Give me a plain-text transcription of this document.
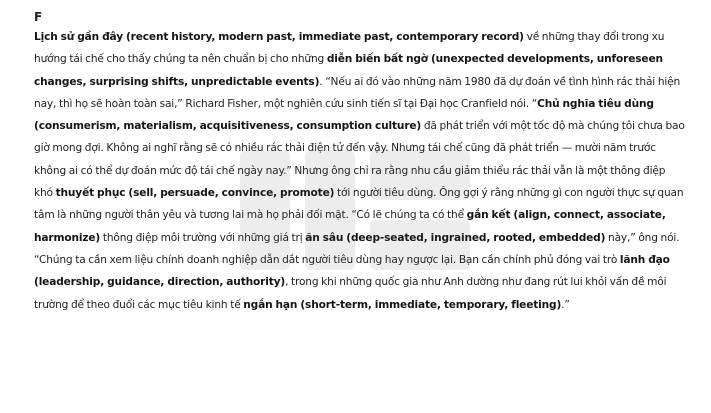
F

Lịch sử gần đây (recent history, modern past, immediate past, contemporary record) về những thay đổi trong xu hướng tái chế cho thấy chúng ta nên chuẩn bị cho những diễn biến bất ngờ (unexpected developments, unforeseen changes, surprising shifts, unpredictable events). “Nếu ai đó vào những năm 1980 đã dự đoán về tình hình rác thải hiện nay, thì họ sẽ hoàn toàn sai,” Richard Fisher, một nghiên cứu sinh tiến sĩ tại Đại học Cranfield nói. “Chủ nghĩa tiêu dùng (consumerism, materialism, acquisitiveness, consumption culture) đã phát triển với một tốc độ mà chúng tôi chưa bao giờ mong đợi. Không ai nghĩ rằng sẽ có nhiều rác thải điện tử đến vậy. Nhưng tái chế cũng đã phát triển — mười năm trước không ai có thể dự đoán mức độ tái chế ngày nay.” Nhưng ông chỉ ra rằng nhu cầu giảm thiểu rác thải vẫn là một thông điệp khó thuyết phục (sell, persuade, convince, promote) tới người tiêu dùng. Ông gợi ý rằng những gì con người thực sự quan tâm là những người thân yêu và tương lai mà họ phải đối mặt. “Có lẽ chúng ta có thể gắn kết (align, connect, associate, harmonize) thông điệp môi trường với những giá trị ăn sâu (deep-seated, ingrained, rooted, embedded) này,” ông nói. “Chúng ta cần xem liệu chính doanh nghiệp dẫn dắt người tiêu dùng hay ngược lại. Bạn cần chính phủ đóng vai trò lãnh đạo (leadership, guidance, direction, authority), trong khi những quốc gia như Anh dường như đang rút lui khỏi vấn đề môi trường để theo đuổi các mục tiêu kinh tế ngắn hạn (short-term, immediate, temporary, fleeting).”
